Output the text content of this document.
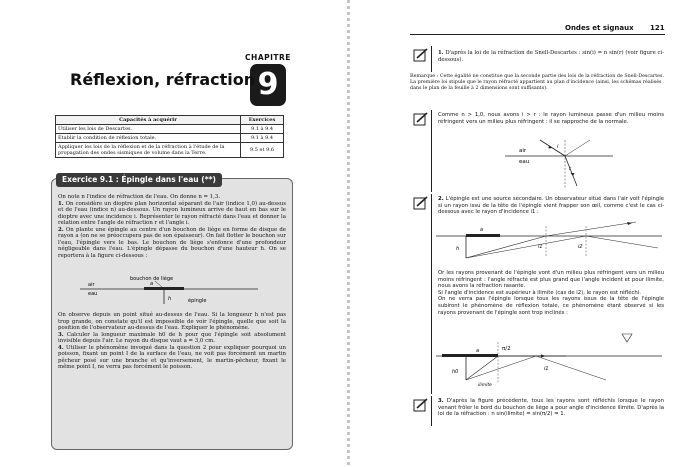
CHAPITRE
9
Réflexion, réfraction
Capacités à acquérir	Exercices
Utiliser les lois de Descartes.	9.1 à 9.4
Établir la condition de réflexion totale.	9.1 à 9.4
Appliquer les lois de la réflexion et de la réfraction à l'étude de la propagation des ondes sismiques de volume dans la Terre.	9.5 et 9.6
Exercice 9.1 : Épingle dans l'eau (**)
On note n l'indice de réfraction de l'eau. On donne n = 1,3.
1. On considère un dioptre plan horizontal séparant de l'air (indice 1,0) au-dessus et de l'eau (indice n) au-dessous. Un rayon lumineux arrive de haut en bas sur le dioptre avec une incidence i. Représenter le rayon réfracté dans l'eau et donner la relation entre l'angle de réfraction r et l'angle i.
2. On plante une épingle au centre d'un bouchon de liège en forme de disque de rayon a (on ne se préoccupera pas de son épaisseur). On fait flotter le bouchon sur l'eau, l'épingle vers le bas. Le bouchon de liège s'enfonce d'une profondeur négligeable dans l'eau. L'épingle dépasse du bouchon d'une hauteur h. On se reportera à la figure ci-dessous :
bouchon de liège
air
eau
a
h	épingle
On observe depuis un point situé au-dessus de l'eau. Si la longueur h n'est pas trop grande, on constate qu'il est impossible de voir l'épingle, quelle que soit la position de l'observateur au-dessus de l'eau. Expliquer le phénomène.
3. Calculer la longueur maximale h0 de h pour que l'épingle soit absolument invisible depuis l'air. Le rayon du disque vaut a = 3,0 cm.
4. Utiliser le phénomène invoqué dans la question 2 pour expliquer pourquoi un poisson, fixant un point I de la surface de l'eau, ne voit pas forcément un martin pêcheur posé sur une branche et qu'inversement, le martin-pêcheur, fixant le même point I, ne verra pas forcément le poisson.
Ondes et signaux 121
1. D'après la loi de la réfraction de Snell-Descartes : sin(i) = n sin(r) (voir figure ci-dessous).
Remarque : Cette égalité ne constitue que la seconde partie des lois de la réfraction de Snell-Descartes. La première loi stipule que le rayon réfracté appartient au plan d'incidence (ainsi, les schémas réalisés dans le plan de la feuille à 2 dimensions sont suffisants).
Comme n > 1,0, nous avons i > r : le rayon lumineux passe d'un milieu moins réfringent vers un milieu plus réfringent : il se rapproche de la normale.
air
eau
i
r
2. L'épingle est une source secondaire. Un observateur situé dans l'air voit l'épingle si un rayon issu de la tête de l'épingle vient frapper son œil, comme c'est le cas ci-dessous avec le rayon d'incidence i1 :
a
h	i1	i2
Or les rayons provenant de l'épingle vont d'un milieu plus réfringent vers un milieu moins réfringent : l'angle réfracté est plus grand que l'angle incident et pour ilimite, nous avons la réfraction rasante.
Si l'angle d'incidence est supérieur à ilimite (cas de i2), le rayon est réfléchi.
On ne verra pas l'épingle lorsque tous les rayons issus de la tête de l'épingle subiront le phénomène de réflexion totale, ce phénomène étant observé si les rayons provenant de l'épingle sont trop inclinés :
π/2
a
h0
ilimite
i1
3. D'après la figure précédente, tous les rayons sont réfléchis lorsque le rayon venant frôler le bord du bouchon de liège a pour angle d'incidence ilimite. D'après la loi de la réfraction : n sin(ilimite) = sin(π/2) = 1.
